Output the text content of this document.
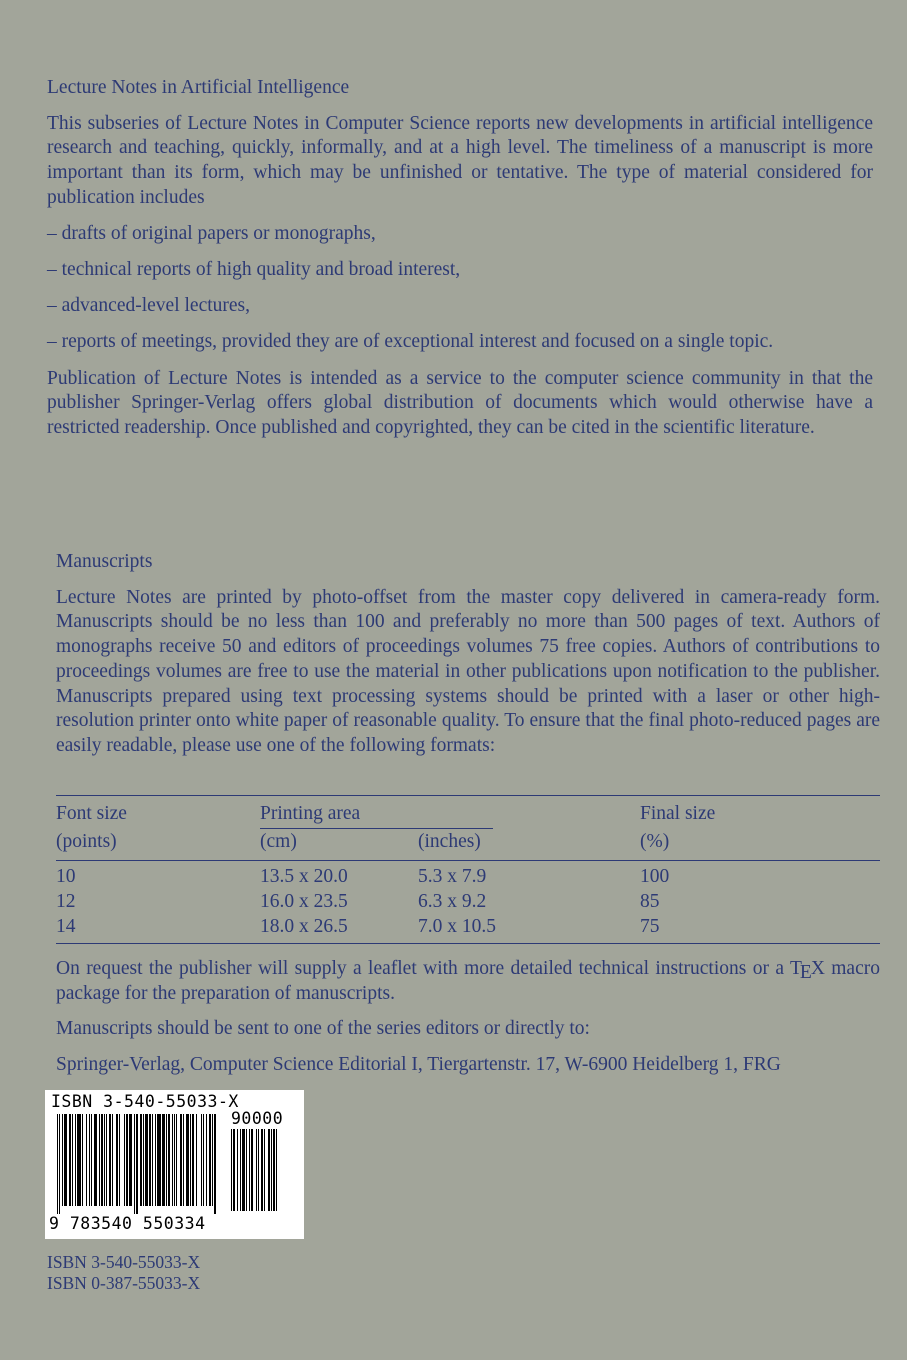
Lecture Notes in Artificial Intelligence

This subseries of Lecture Notes in Computer Science reports new developments in artificial intelligence research and teaching, quickly, informally, and at a high level. The timeliness of a manuscript is more important than its form, which may be unfinished or tentative. The type of material considered for publication includes

– drafts of original papers or monographs,
– technical reports of high quality and broad interest,
– advanced-level lectures,
– reports of meetings, provided they are of exceptional interest and focused on a single topic.

Publication of Lecture Notes is intended as a service to the computer science community in that the publisher Springer-Verlag offers global distribution of documents which would otherwise have a restricted readership. Once published and copyrighted, they can be cited in the scientific literature.

Manuscripts

Lecture Notes are printed by photo-offset from the master copy delivered in camera-ready form. Manuscripts should be no less than 100 and preferably no more than 500 pages of text. Authors of monographs receive 50 and editors of proceedings volumes 75 free copies. Authors of contributions to proceedings volumes are free to use the material in other publications upon notification to the publisher. Manuscripts prepared using text processing systems should be printed with a laser or other high-resolution printer onto white paper of reasonable quality. To ensure that the final photo-reduced pages are easily readable, please use one of the following formats:

Font size	Printing area	Final size
(points)	(cm)	(inches)	(%)
10	13.5 x 20.0	5.3 x 7.9	100
12	16.0 x 23.5	6.3 x 9.2	85
14	18.0 x 26.5	7.0 x 10.5	75

On request the publisher will supply a leaflet with more detailed technical instructions or a TEX macro package for the preparation of manuscripts.

Manuscripts should be sent to one of the series editors or directly to:

Springer-Verlag, Computer Science Editorial I, Tiergartenstr. 17, W-6900 Heidelberg 1, FRG

ISBN 3-540-55033-X
90000
9 783540 550334

ISBN 3-540-55033-X

ISBN 0-387-55033-X
